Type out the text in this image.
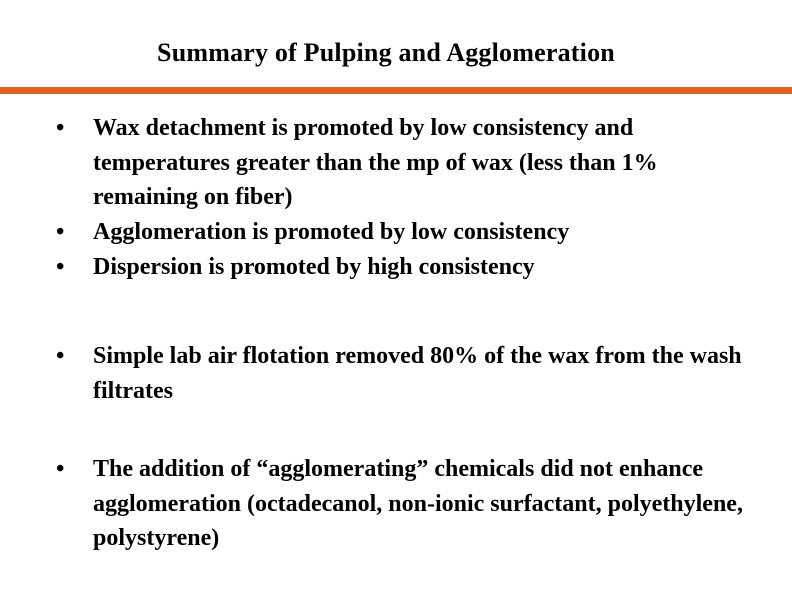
Summary of Pulping and Agglomeration
•	Wax detachment is promoted by low consistency and temperatures greater than the mp of wax (less than 1% remaining on fiber)
•	Agglomeration is promoted by low consistency
•	Dispersion is promoted by high consistency
•	Simple lab air flotation removed 80% of the wax from the wash filtrates
•	The addition of “agglomerating” chemicals did not enhance agglomeration (octadecanol, non-ionic surfactant, polyethylene, polystyrene)
